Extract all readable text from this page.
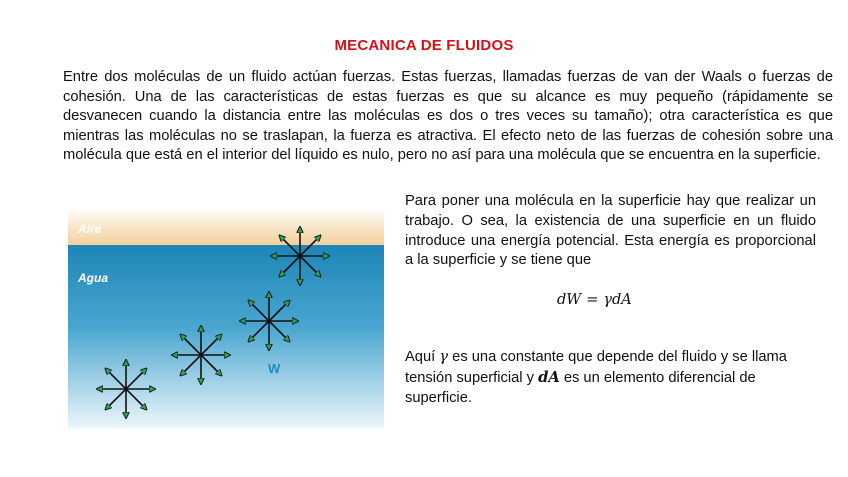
MECANICA DE FLUIDOS

Entre dos moléculas de un fluido actúan fuerzas. Estas fuerzas, llamadas fuerzas de van der Waals o fuerzas de cohesión. Una de las características de estas fuerzas es que su alcance es muy pequeño (rápidamente se desvanecen cuando la distancia entre las moléculas es dos o tres veces su tamaño); otra característica es que mientras las moléculas no se traslapan, la fuerza es atractiva. El efecto neto de las fuerzas de cohesión sobre una molécula que está en el interior del líquido es nulo, pero no así para una molécula que se encuentra en la superficie.

Aire
Agua
W

Para poner una molécula en la superficie hay que realizar un trabajo. O sea, la existencia de una superficie en un fluido introduce una energía potencial. Esta energía es proporcional a la superficie y se tiene que

dW = γdA

Aquí γ es una constante que depende del fluido y se llama tensión superficial y dA es un elemento diferencial de superficie.
